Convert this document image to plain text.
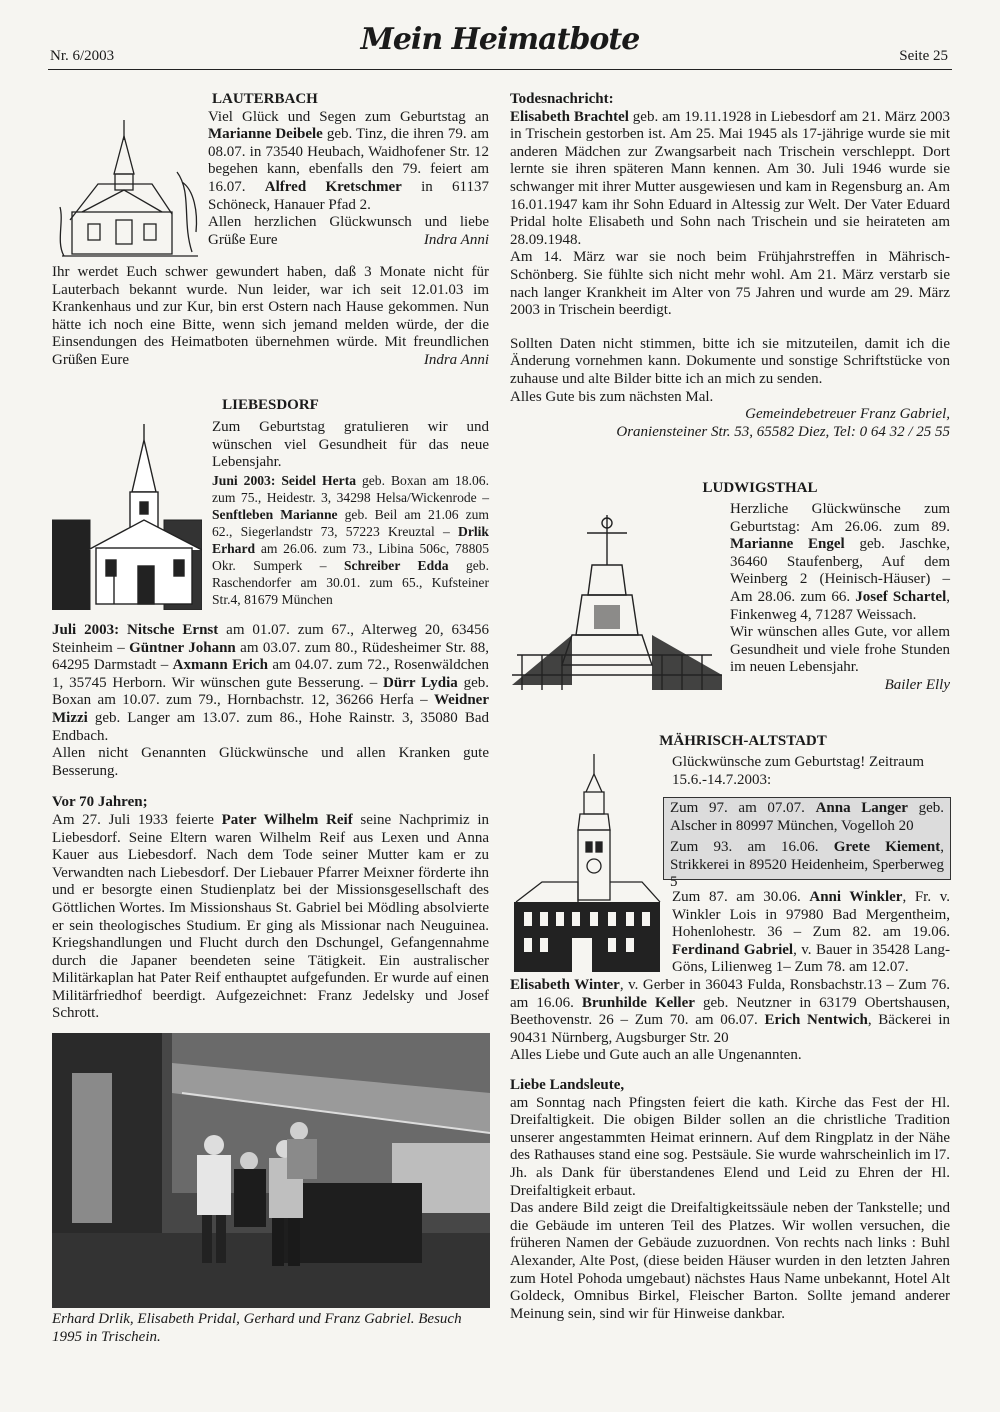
Nr. 6/2003	Mein Heimatbote	Seite 25

LAUTERBACH

Viel Glück und Segen zum Geburtstag an Marianne Deibele geb. Tinz, die ihren 79. am 08.07. in 73540 Heubach, Waidhofener Str. 12 begehen kann, ebenfalls den 79. feiert am 16.07. Alfred Kretschmer in 61137 Schöneck, Hanauer Pfad 2.

Allen herzlichen Glückwunsch und liebe Grüße Eure	Indra Anni

Ihr werdet Euch schwer gewundert haben, daß 3 Monate nicht für Lauterbach bekannt wurde. Nun leider, war ich seit 12.01.03 im Krankenhaus und zur Kur, bin erst Ostern nach Hause gekommen. Nun hätte ich noch eine Bitte, wenn sich jemand melden würde, der die Einsendungen des Heimatboten übernehmen würde. Mit freundlichen Grüßen Eure	Indra Anni

LIEBESDORF

Zum Geburtstag gratulieren wir und wünschen viel Gesundheit für das neue Lebensjahr.

Juni 2003: Seidel Herta geb. Boxan am 18.06. zum 75., Heidestr. 3, 34298 Helsa/Wickenrode – Senftleben Marianne geb. Beil am 21.06 zum 62., Siegerlandstr 73, 57223 Kreuztal – Drlik Erhard am 26.06. zum 73., Libina 506c, 78805 Okr. Sumperk – Schreiber Edda geb. Raschendorfer am 30.01. zum 65., Kufsteiner Str.4, 81679 München

Juli 2003: Nitsche Ernst am 01.07. zum 67., Alterweg 20, 63456 Steinheim – Güntner Johann am 03.07. zum 80., Rüdesheimer Str. 88, 64295 Darmstadt – Axmann Erich am 04.07. zum 72., Rosenwäldchen 1, 35745 Herborn. Wir wünschen gute Besserung. – Dürr Lydia geb. Boxan am 10.07. zum 79., Hornbachstr. 12, 36266 Herfa – Weidner Mizzi geb. Langer am 13.07. zum 86., Hohe Rainstr. 3, 35080 Bad Endbach.

Allen nicht Genannten Glückwünsche und allen Kranken gute Besserung.

Vor 70 Jahren;

Am 27. Juli 1933 feierte Pater Wilhelm Reif seine Nachprimiz in Liebesdorf. Seine Eltern waren Wilhelm Reif aus Lexen und Anna Kauer aus Liebesdorf. Nach dem Tode seiner Mutter kam er zu Verwandten nach Liebesdorf. Der Liebauer Pfarrer Meixner förderte ihn und er besorgte einen Studienplatz bei der Missionsgesellschaft des Göttlichen Wortes. Im Missionshaus St. Gabriel bei Mödling absolvierte er sein theologisches Studium. Er ging als Missionar nach Neuguinea. Kriegshandlungen und Flucht durch den Dschungel, Gefangennahme durch die Japaner beendeten seine Tätigkeit. Ein australischer Militärkaplan hat Pater Reif enthauptet aufgefunden. Er wurde auf einen Militärfriedhof beerdigt. Aufgezeichnet: Franz Jedelsky und Josef Schrott.

Erhard Drlik, Elisabeth Pridal, Gerhard und Franz Gabriel. Besuch 1995 in Trischein.

Todesnachricht:

Elisabeth Brachtel geb. am 19.11.1928 in Liebesdorf am 21. März 2003 in Trischein gestorben ist. Am 25. Mai 1945 als 17-jährige wurde sie mit anderen Mädchen zur Zwangsarbeit nach Trischein verschleppt. Dort lernte sie ihren späteren Mann kennen. Am 30. Juli 1946 wurde sie schwanger mit ihrer Mutter ausgewiesen und kam in Regensburg an. Am 16.01.1947 kam ihr Sohn Eduard in Altessig zur Welt. Der Vater Eduard Pridal holte Elisabeth und Sohn nach Trischein und sie heirateten am 28.09.1948.

Am 14. März war sie noch beim Frühjahrstreffen in Mährisch-Schönberg. Sie fühlte sich nicht mehr wohl. Am 21. März verstarb sie nach langer Krankheit im Alter von 75 Jahren und wurde am 29. März 2003 in Trischein beerdigt.

Sollten Daten nicht stimmen, bitte ich sie mitzuteilen, damit ich die Änderung vornehmen kann. Dokumente und sonstige Schriftstücke von zuhause und alte Bilder bitte ich an mich zu senden.

Alles Gute bis zum nächsten Mal.

Gemeindebetreuer Franz Gabriel,

Oraniensteiner Str. 53, 65582 Diez, Tel: 0 64 32 / 25 55

LUDWIGSTHAL

Herzliche Glückwünsche zum Geburtstag: Am 26.06. zum 89. Marianne Engel geb. Jaschke, 36460 Staufenberg, Auf dem Weinberg 2 (Heinisch-Häuser) – Am 28.06. zum 66. Josef Schartel, Finkenweg 4, 71287 Weissach.

Wir wünschen alles Gute, vor allem Gesundheit und viele frohe Stunden im neuen Lebensjahr.

Bailer Elly

MÄHRISCH-ALTSTADT

Glückwünsche zum Geburtstag! Zeitraum 15.6.-14.7.2003:

Zum 97. am 07.07. Anna Langer geb. Alscher in 80997 München, Vogelloh 20

Zum 93. am 16.06. Grete Kiement, Strikkerei in 89520 Heidenheim, Sperberweg 5

Zum 87. am 30.06. Anni Winkler, Fr. v. Winkler Lois in 97980 Bad Mergentheim, Hohenlohestr. 36 – Zum 82. am 19.06. Ferdinand Gabriel, v. Bauer in 35428 Lang-Göns, Lilienweg 1– Zum 78. am 12.07.

Elisabeth Winter, v. Gerber in 36043 Fulda, Ronsbachstr.13 – Zum 76. am 16.06. Brunhilde Keller geb. Neutzner in 63179 Obertshausen, Beethovenstr. 26 – Zum 70. am 06.07. Erich Nentwich, Bäckerei in 90431 Nürnberg, Augsburger Str. 20

Alles Liebe und Gute auch an alle Ungenannten.

Liebe Landsleute,

am Sonntag nach Pfingsten feiert die kath. Kirche das Fest der Hl. Dreifaltigkeit. Die obigen Bilder sollen an die christliche Tradition unserer angestammten Heimat erinnern. Auf dem Ringplatz in der Nähe des Rathauses stand eine sog. Pestsäule. Sie wurde wahrscheinlich im l7. Jh. als Dank für überstandenes Elend und Leid zu Ehren der Hl. Dreifaltigkeit erbaut.

Das andere Bild zeigt die Dreifaltigkeitssäule neben der Tankstelle; und die Gebäude im unteren Teil des Platzes. Wir wollen versuchen, die früheren Namen der Gebäude zuzuordnen. Von rechts nach links : Buhl Alexander, Alte Post, (diese beiden Häuser wurden in den letzten Jahren zum Hotel Pohoda umgebaut) nächstes Haus Name unbekannt, Hotel Alt Goldeck, Omnibus Birkel, Fleischer Barton. Sollte jemand anderer Meinung sein, sind wir für Hinweise dankbar.
